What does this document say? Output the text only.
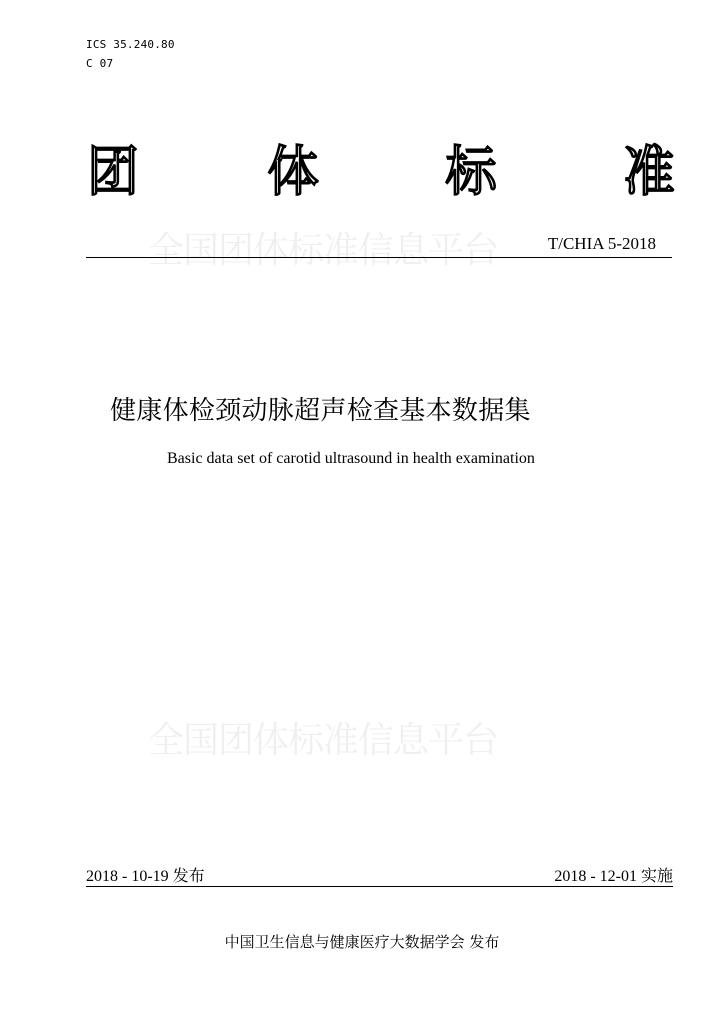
ICS 35.240.80
C 07
团 体 标 准
全国团体标准信息平台	T/CHIA 5-2018
健康体检颈动脉超声检查基本数据集
Basic data set of carotid ultrasound in health examination
全国团体标准信息平台
2018 - 10-19 发布	2018 - 12-01 实施
中国卫生信息与健康医疗大数据学会 发布
